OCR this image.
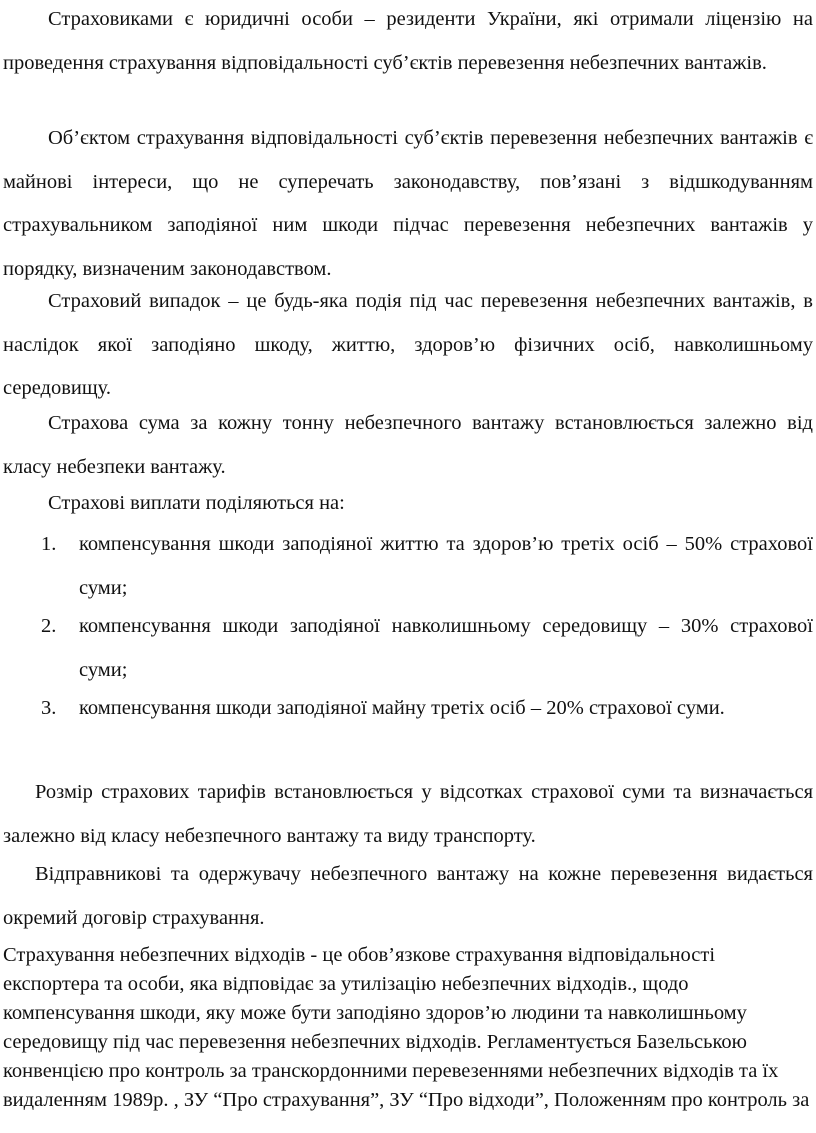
Страховиками є юридичні особи – резиденти України, які отримали ліцензію на проведення страхування відповідальності суб’єктів перевезення небезпечних вантажів.

Об’єктом страхування відповідальності суб’єктів перевезення небезпечних вантажів є майнові інтереси, що не суперечать законодавству, пов’язані з відшкодуванням страхувальником заподіяної ним шкоди підчас перевезення небезпечних вантажів у порядку, визначеним законодавством.

Страховий випадок – це будь-яка подія під час перевезення небезпечних вантажів, в наслідок якої заподіяно шкоду, життю, здоров’ю фізичних осіб, навколишньому середовищу.

Страхова сума за кожну тонну небезпечного вантажу встановлюється залежно від класу небезпеки вантажу.

Страхові виплати поділяються на:

1. компенсування шкоди заподіяної життю та здоров’ю третіх осіб – 50% страхової суми;
2. компенсування шкоди заподіяної навколишньому середовищу – 30% страхової суми;
3. компенсування шкоди заподіяної майну третіх осіб – 20% страхової суми.

Розмір страхових тарифів встановлюється у відсотках страхової суми та визначається залежно від класу небезпечного вантажу та виду транспорту.

Відправникові та одержувачу небезпечного вантажу на кожне перевезення видається окремий договір страхування.

Страхування небезпечних відходів - це обов’язкове страхування відповідальності експортера та особи, яка відповідає за утилізацію небезпечних відходів., щодо компенсування шкоди, яку може бути заподіяно здоров’ю людини та навколишньому середовищу під час перевезення небезпечних відходів. Регламентується Базельською конвенцією про контроль за транскордонними перевезеннями небезпечних відходів та їх видаленням 1989р. , ЗУ “Про страхування”, ЗУ “Про відходи”, Положенням про контроль за
